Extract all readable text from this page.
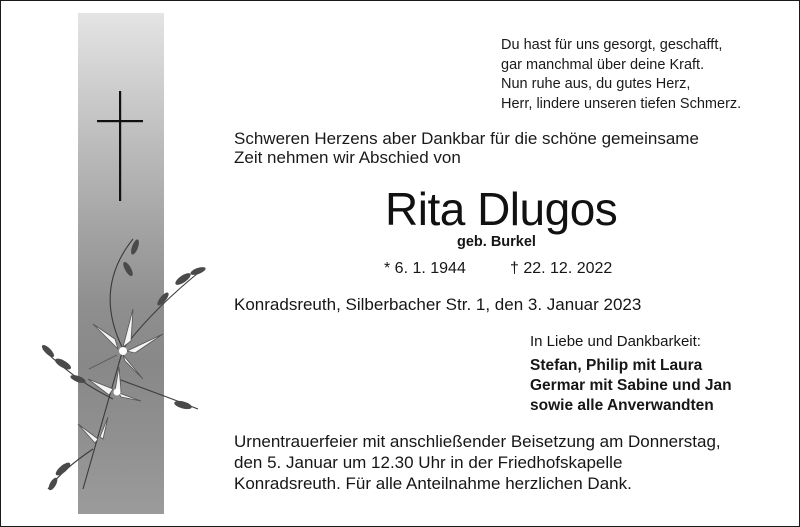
Du hast für uns gesorgt, geschafft,
gar manchmal über deine Kraft.
Nun ruhe aus, du gutes Herz,
Herr, lindere unseren tiefen Schmerz.
Schweren Herzens aber Dankbar für die schöne gemeinsame
Zeit nehmen wir Abschied von
Rita Dlugos
geb. Burkel
* 6. 1. 1944	† 22. 12. 2022
Konradsreuth, Silberbacher Str. 1, den 3. Januar 2023
In Liebe und Dankbarkeit:
Stefan, Philip mit Laura
Germar mit Sabine und Jan
sowie alle Anverwandten
Urnentrauerfeier mit anschließender Beisetzung am Donnerstag,
den 5. Januar um 12.30 Uhr in der Friedhofskapelle
Konradsreuth. Für alle Anteilnahme herzlichen Dank.
